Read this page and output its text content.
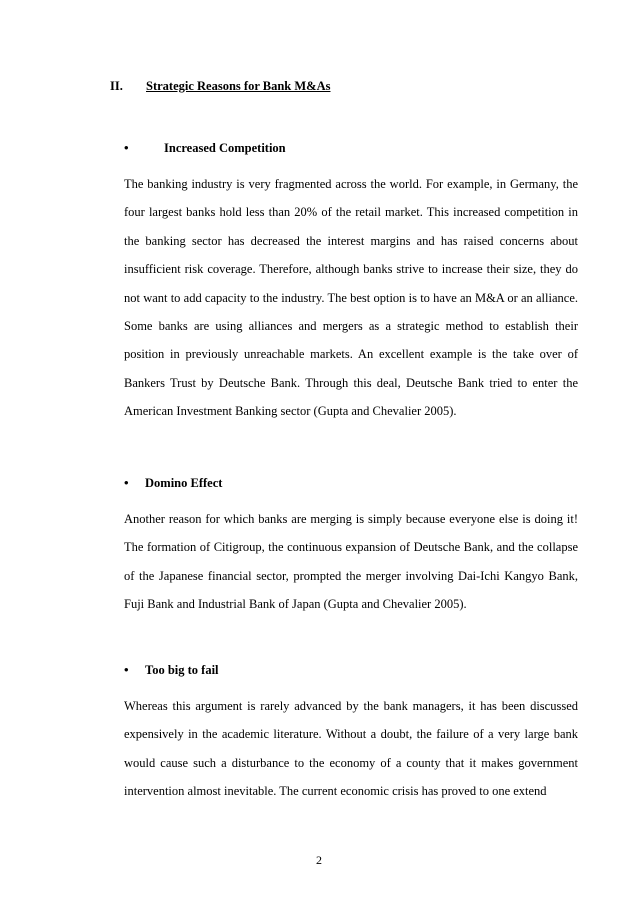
II. Strategic Reasons for Bank M&As
•	Increased Competition

The banking industry is very fragmented across the world. For example, in Germany, the four largest banks hold less than 20% of the retail market. This increased competition in the banking sector has decreased the interest margins and has raised concerns about insufficient risk coverage. Therefore, although banks strive to increase their size, they do not want to add capacity to the industry. The best option is to have an M&A or an alliance. Some banks are using alliances and mergers as a strategic method to establish their position in previously unreachable markets. An excellent example is the take over of Bankers Trust by Deutsche Bank. Through this deal, Deutsche Bank tried to enter the American Investment Banking sector (Gupta and Chevalier 2005).

• Domino Effect

Another reason for which banks are merging is simply because everyone else is doing it! The formation of Citigroup, the continuous expansion of Deutsche Bank, and the collapse of the Japanese financial sector, prompted the merger involving Dai-Ichi Kangyo Bank, Fuji Bank and Industrial Bank of Japan (Gupta and Chevalier 2005).

• Too big to fail

Whereas this argument is rarely advanced by the bank managers, it has been discussed expensively in the academic literature. Without a doubt, the failure of a very large bank would cause such a disturbance to the economy of a county that it makes government intervention almost inevitable. The current economic crisis has proved to one extend

2
